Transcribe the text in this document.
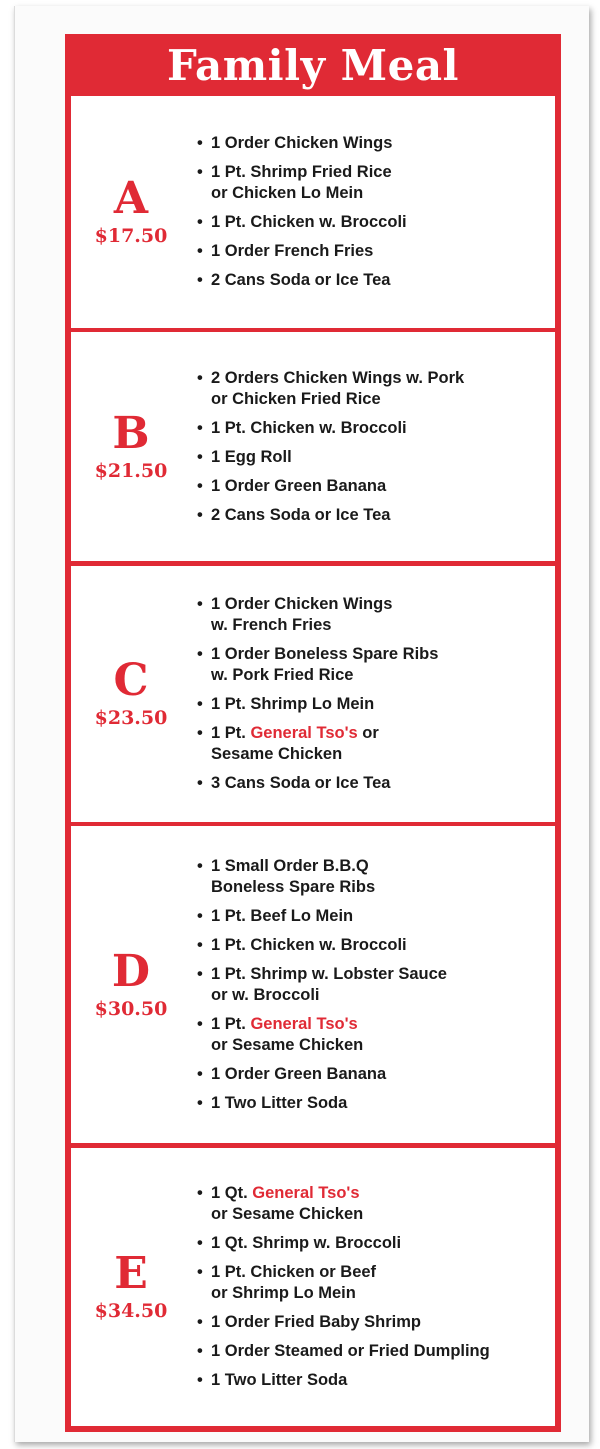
Family Meal
A
$17.50
• 1 Order Chicken Wings
• 1 Pt. Shrimp Fried Rice
or Chicken Lo Mein
• 1 Pt. Chicken w. Broccoli
• 1 Order French Fries
• 2 Cans Soda or Ice Tea
B
$21.50
• 2 Orders Chicken Wings w. Pork
or Chicken Fried Rice
• 1 Pt. Chicken w. Broccoli
• 1 Egg Roll
• 1 Order Green Banana
• 2 Cans Soda or Ice Tea
C
$23.50
• 1 Order Chicken Wings
w. French Fries
• 1 Order Boneless Spare Ribs
w. Pork Fried Rice
• 1 Pt. Shrimp Lo Mein
• 1 Pt. General Tso's or
Sesame Chicken
• 3 Cans Soda or Ice Tea
D
$30.50
• 1 Small Order B.B.Q
Boneless Spare Ribs
• 1 Pt. Beef Lo Mein
• 1 Pt. Chicken w. Broccoli
• 1 Pt. Shrimp w. Lobster Sauce
or w. Broccoli
• 1 Pt. General Tso's
or Sesame Chicken
• 1 Order Green Banana
• 1 Two Litter Soda
E
$34.50
• 1 Qt. General Tso's
or Sesame Chicken
• 1 Qt. Shrimp w. Broccoli
• 1 Pt. Chicken or Beef
or Shrimp Lo Mein
• 1 Order Fried Baby Shrimp
• 1 Order Steamed or Fried Dumpling
• 1 Two Litter Soda
